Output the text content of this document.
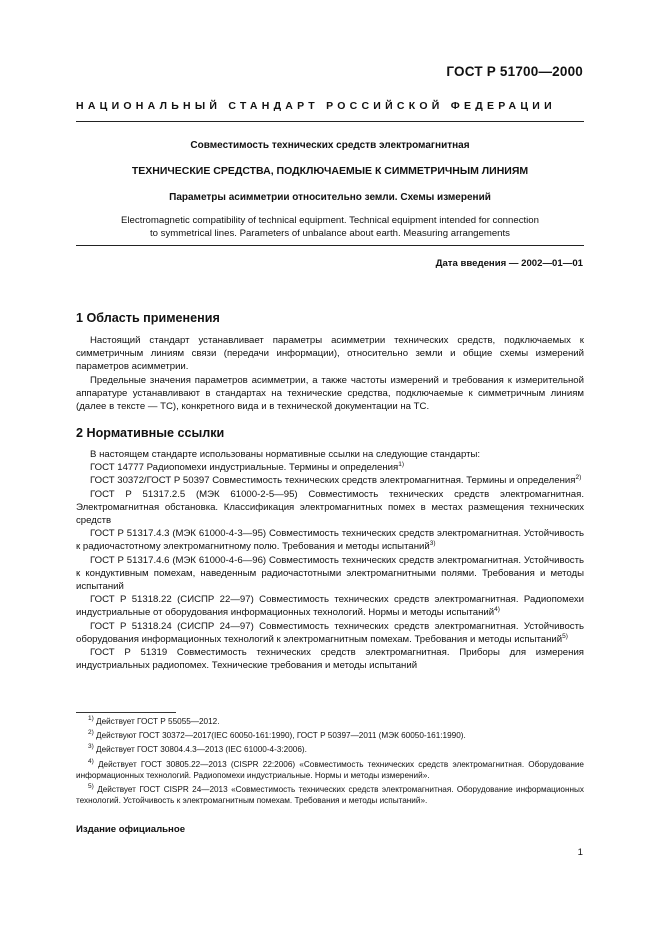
ГОСТ Р 51700—2000
НАЦИОНАЛЬНЫЙ СТАНДАРТ РОССИЙСКОЙ ФЕДЕРАЦИИ
Совместимость технических средств электромагнитная
ТЕХНИЧЕСКИЕ СРЕДСТВА, ПОДКЛЮЧАЕМЫЕ К СИММЕТРИЧНЫМ ЛИНИЯМ
Параметры асимметрии относительно земли. Схемы измерений
Electromagnetic compatibility of technical equipment. Technical equipment intended for connection
to symmetrical lines. Parameters of unbalance about earth. Measuring arrangements
Дата введения — 2002—01—01
1 Область применения

Настоящий стандарт устанавливает параметры асимметрии технических средств, подключаемых к симметричным линиям связи (передачи информации), относительно земли и общие схемы измерений параметров асимметрии.

Предельные значения параметров асимметрии, а также частоты измерений и требования к измерительной аппаратуре устанавливают в стандартах на технические средства, подключаемые к симметричным линиям (далее в тексте — ТС), конкретного вида и в технической документации на ТС.

2 Нормативные ссылки

В настоящем стандарте использованы нормативные ссылки на следующие стандарты:

ГОСТ 14777 Радиопомехи индустриальные. Термины и определения$^{1)}$

ГОСТ 30372/ГОСТ Р 50397 Совместимость технических средств электромагнитная. Термины и определения$^{2)}$

ГОСТ Р 51317.2.5 (МЭК 61000-2-5—95) Совместимость технических средств электромагнитная. Электромагнитная обстановка. Классификация электромагнитных помех в местах размещения технических средств

ГОСТ Р 51317.4.3 (МЭК 61000-4-3—95) Совместимость технических средств электромагнитная. Устойчивость к радиочастотному электромагнитному полю. Требования и методы испытаний$^{3)}$

ГОСТ Р 51317.4.6 (МЭК 61000-4-6—96) Совместимость технических средств электромагнитная. Устойчивость к кондуктивным помехам, наведенным радиочастотными электромагнитными полями. Требования и методы испытаний

ГОСТ Р 51318.22 (СИСПР 22—97) Совместимость технических средств электромагнитная. Радиопомехи индустриальные от оборудования информационных технологий. Нормы и методы испытаний$^{4)}$

ГОСТ Р 51318.24 (СИСПР 24—97) Совместимость технических средств электромагнитная. Устойчивость оборудования информационных технологий к электромагнитным помехам. Требования и методы испытаний$^{5)}$

ГОСТ Р 51319 Совместимость технических средств электромагнитная. Приборы для измерения индустриальных радиопомех. Технические требования и методы испытаний

$^{1)}$ Действует ГОСТ Р 55055—2012.

$^{2)}$ Действуют ГОСТ 30372—2017(IEC 60050-161:1990), ГОСТ Р 50397—2011 (МЭК 60050-161:1990).

$^{3)}$ Действует ГОСТ 30804.4.3—2013 (IEC 61000-4-3:2006).

$^{4)}$ Действует ГОСТ 30805.22—2013 (CISPR 22:2006) «Совместимость технических средств электромагнитная. Оборудование информационных технологий. Радиопомехи индустриальные. Нормы и методы измерений».

$^{5)}$ Действует ГОСТ CISPR 24—2013 «Совместимость технических средств электромагнитная. Оборудование информационных технологий. Устойчивость к электромагнитным помехам. Требования и методы испытаний».

Издание официальное
1
